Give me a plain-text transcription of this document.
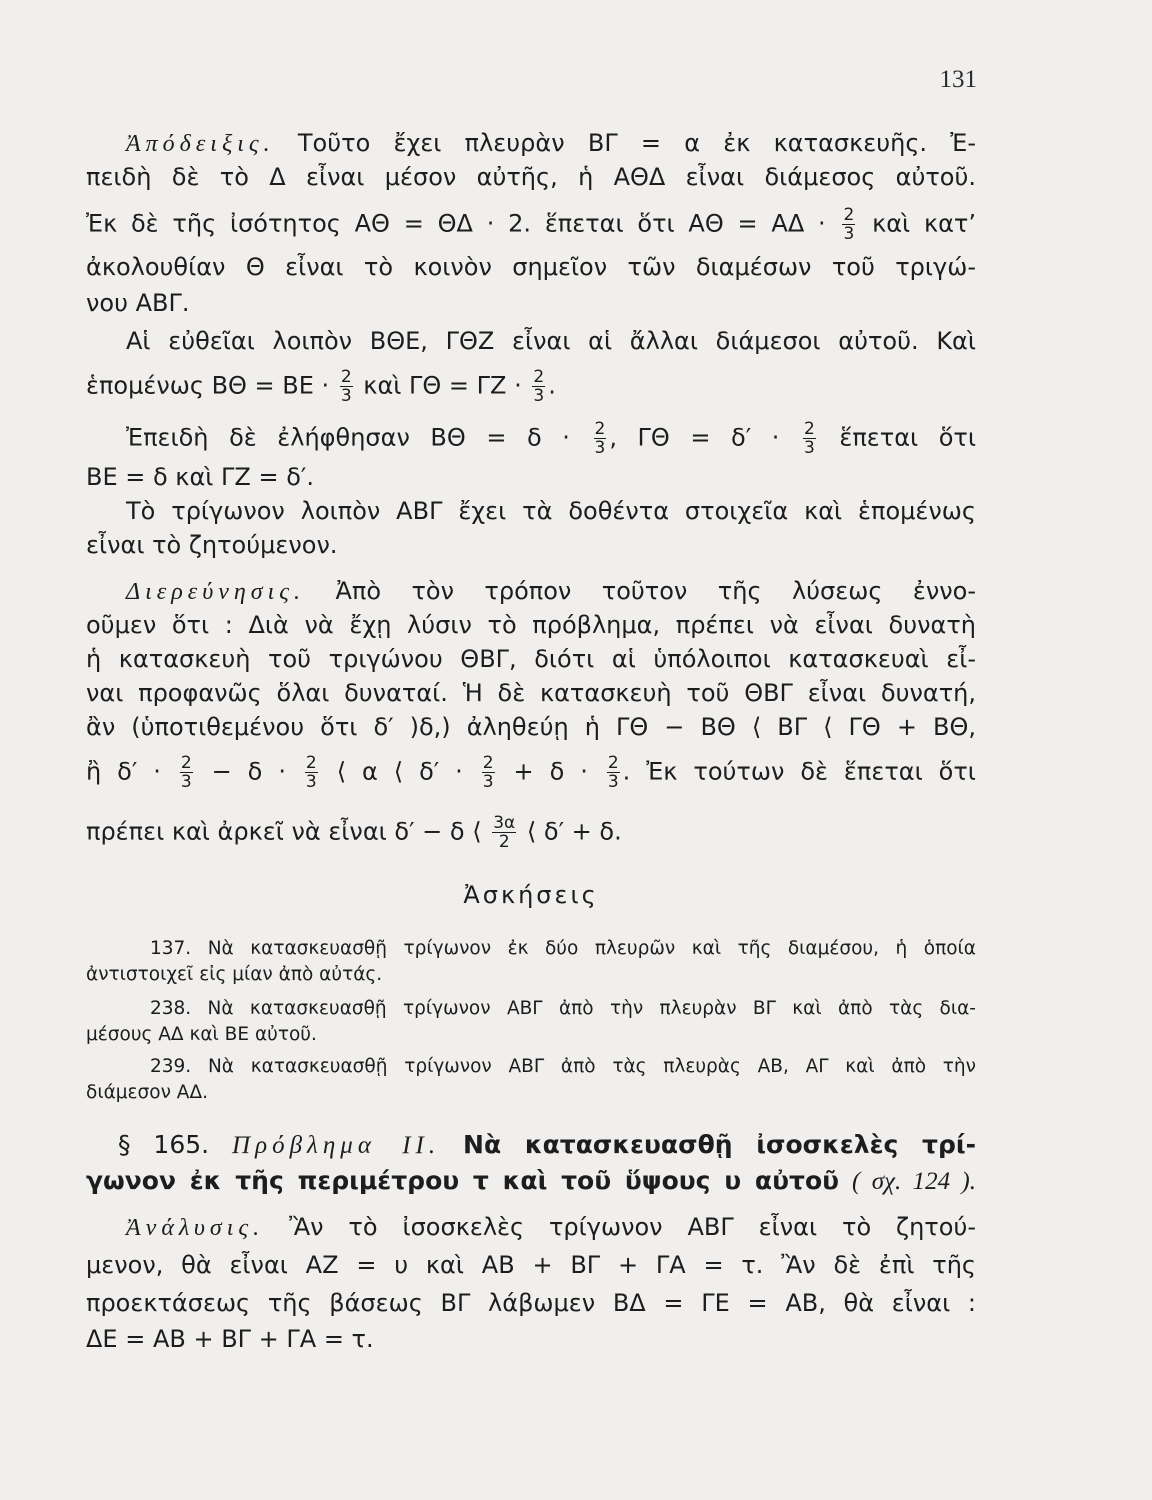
131
Ἀπόδειξις. Τοῦτο ἔχει πλευρὰν ΒΓ = α ἐκ κατασκευῆς. Ἐ-
πειδὴ δὲ τὸ Δ εἶναι μέσον αὐτῆς, ἡ ΑΘΔ εἶναι διάμεσος αὐτοῦ.
Ἐκ δὲ τῆς ἰσότητος ΑΘ = ΘΔ · 2. ἕπεται ὅτι $A\Theta = A\Delta \cdot \frac{2}{3}$ καὶ κατ’
ἀκολουθίαν Θ εἶναι τὸ κοινὸν σημεῖον τῶν διαμέσων τοῦ τριγώ-
νου ΑΒΓ.
Αἱ εὐθεῖαι λοιπὸν ΒΘΕ, ΓΘΖ εἶναι αἱ ἄλλαι διάμεσοι αὐτοῦ. Καὶ
ἑπομένως $B\Theta = BE \cdot \frac{2}{3}$ καὶ $\Gamma\Theta = \Gamma Z \cdot \frac{2}{3}$ .
Ἐπειδὴ δὲ ἐλήφθησαν $B\Theta = \delta \cdot \frac{2}{3}$ , $\Gamma\Theta = \delta' \cdot \frac{2}{3}$ ἕπεται ὅτι
ΒΕ = δ καὶ ΓΖ = δ′.
Τὸ τρίγωνον λοιπὸν ΑΒΓ ἔχει τὰ δοθέντα στοιχεῖα καὶ ἑπομένως
εἶναι τὸ ζητούμενον.
Διερεύνησις. Ἀπὸ τὸν τρόπον τοῦτον τῆς λύσεως ἐννο-
οῦμεν ὅτι : Διὰ νὰ ἔχῃ λύσιν τὸ πρόβλημα, πρέπει νὰ εἶναι δυνατὴ
ἡ κατασκευὴ τοῦ τριγώνου ΘΒΓ, διότι αἱ ὑπόλοιποι κατασκευαὶ εἶ-
ναι προφανῶς ὅλαι δυναταί. Ἡ δὲ κατασκευὴ τοῦ ΘΒΓ εἶναι δυνατή,
ἂν (ὑποτιθεμένου ὅτι δ′ )δ,) ἀληθεύῃ ἡ ΓΘ − ΒΘ ⟨ ΒΓ ⟨ ΓΘ + ΒΘ,
ἢ $\delta' \cdot \frac{2}{3} - \delta \cdot \frac{2}{3}$ ⟨ α ⟨ $\delta' \cdot \frac{2}{3} + \delta \cdot \frac{2}{3}$ . Ἐκ τούτων δὲ ἕπεται ὅτι
πρέπει καὶ ἀρκεῖ νὰ εἶναι δ′ − δ ⟨ $\frac{3\alpha}{2}$ ⟨ δ′ + δ.
Ἀσκήσεις
137. Νὰ κατασκευασθῇ τρίγωνον ἐκ δύο πλευρῶν καὶ τῆς διαμέσου, ἡ ὁποία
ἀντιστοιχεῖ εἰς μίαν ἀπὸ αὐτάς.
238. Νὰ κατασκευασθῇ τρίγωνον ΑΒΓ ἀπὸ τὴν πλευρὰν ΒΓ καὶ ἀπὸ τὰς δια-
μέσους ΑΔ καὶ ΒΕ αὐτοῦ.
239. Νὰ κατασκευασθῇ τρίγωνον ΑΒΓ ἀπὸ τὰς πλευρὰς ΑΒ, ΑΓ καὶ ἀπὸ τὴν
διάμεσον ΑΔ.
§ 165. Πρόβλημα ΙΙ. Νὰ κατασκευασθῇ ἰσοσκελὲς τρί-
γωνον ἐκ τῆς περιμέτρου τ καὶ τοῦ ὕψους υ αὐτοῦ ( σχ. 124 ).
Ἀνάλυσις. Ἂν τὸ ἰσοσκελὲς τρίγωνον ΑΒΓ εἶναι τὸ ζητού-
μενον, θὰ εἶναι ΑΖ = υ καὶ ΑΒ + ΒΓ + ΓΑ = τ. Ἂν δὲ ἐπὶ τῆς
προεκτάσεως τῆς βάσεως ΒΓ λάβωμεν ΒΔ = ΓΕ = ΑΒ, θὰ εἶναι :
ΔΕ = ΑΒ + ΒΓ + ΓΑ = τ.
